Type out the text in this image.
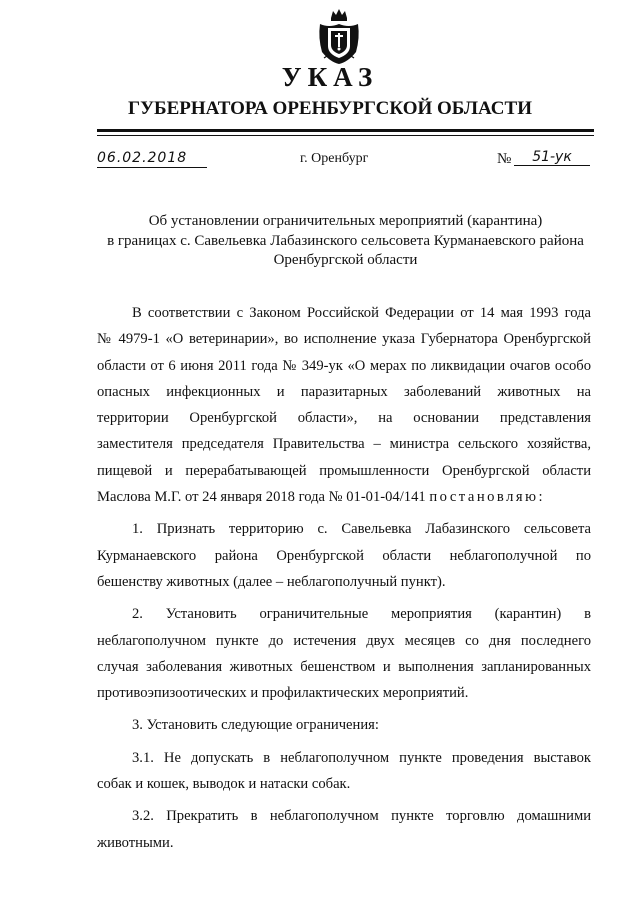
УКАЗ
ГУБЕРНАТОРА ОРЕНБУРГСКОЙ ОБЛАСТИ
06.02.2018	г. Оренбург	№	51-ук
Об установлении ограничительных мероприятий (карантина)
в границах с. Савельевка Лабазинского сельсовета Курманаевского района
Оренбургской области
В соответствии с Законом Российской Федерации от 14 мая 1993 года
№ 4979-1 «О ветеринарии», во исполнение указа Губернатора Оренбургской
области от 6 июня 2011 года № 349-ук «О мерах по ликвидации очагов особо
опасных инфекционных и паразитарных заболеваний животных на
территории Оренбургской области», на основании представления
заместителя председателя Правительства – министра сельского хозяйства,
пищевой и перерабатывающей промышленности Оренбургской области
Маслова М.Г. от 24 января 2018 года № 01-01-04/141 постановляю:
1. Признать территорию с. Савельевка Лабазинского сельсовета
Курманаевского района Оренбургской области неблагополучной по
бешенству животных (далее – неблагополучный пункт).
2. Установить ограничительные мероприятия (карантин) в
неблагополучном пункте до истечения двух месяцев со дня последнего
случая заболевания животных бешенством и выполнения запланированных
противоэпизоотических и профилактических мероприятий.
3. Установить следующие ограничения:
3.1. Не допускать в неблагополучном пункте проведения выставок
собак и кошек, выводок и натаски собак.
3.2. Прекратить в неблагополучном пункте торговлю домашними
животными.
